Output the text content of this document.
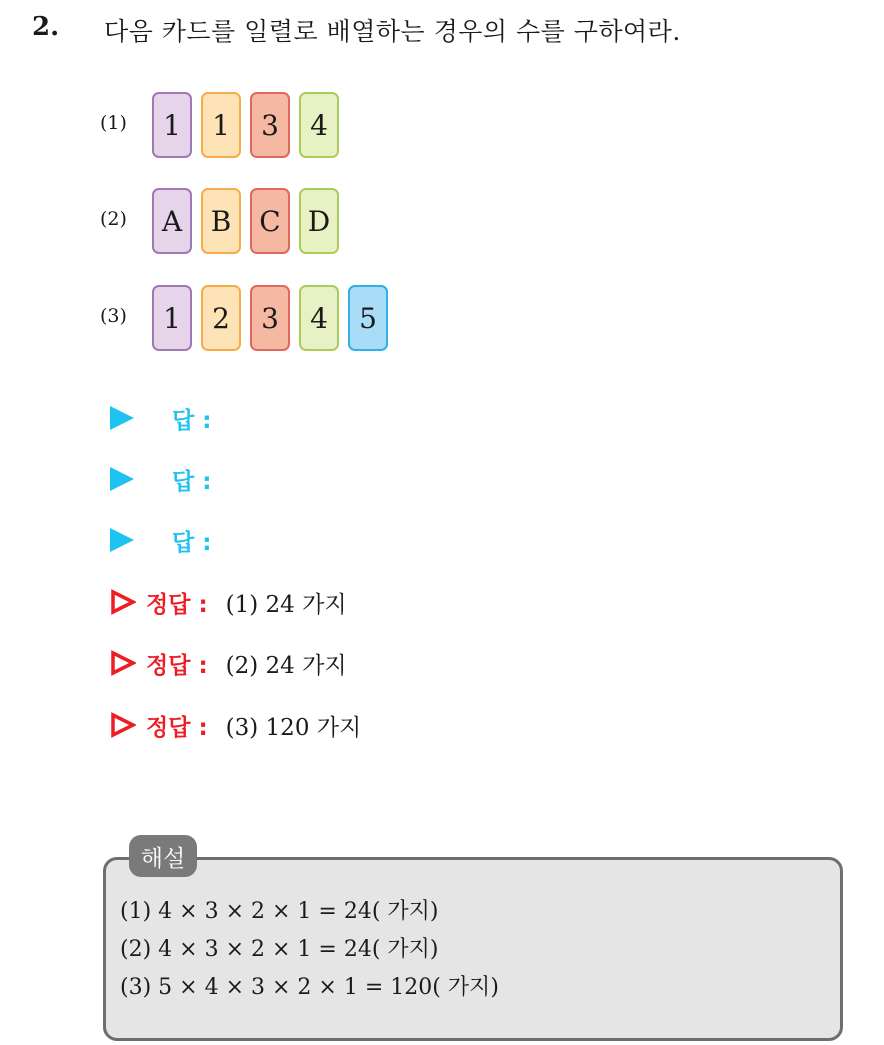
2. 다음 카드를 일렬로 배열하는 경우의 수를 구하여라.
(1)	1	1	3	4
(2)	A	B	C D
(3)	1	2	3	4	5
답 :
답 :
답 :
정답 : (1) 24 가지
정답 : (2) 24 가지
정답 : (3) 120 가지
해설
(1) 4 × 3 × 2 × 1 = 24( 가지)
(2) 4 × 3 × 2 × 1 = 24( 가지)
(3) 5 × 4 × 3 × 2 × 1 = 120( 가지)
